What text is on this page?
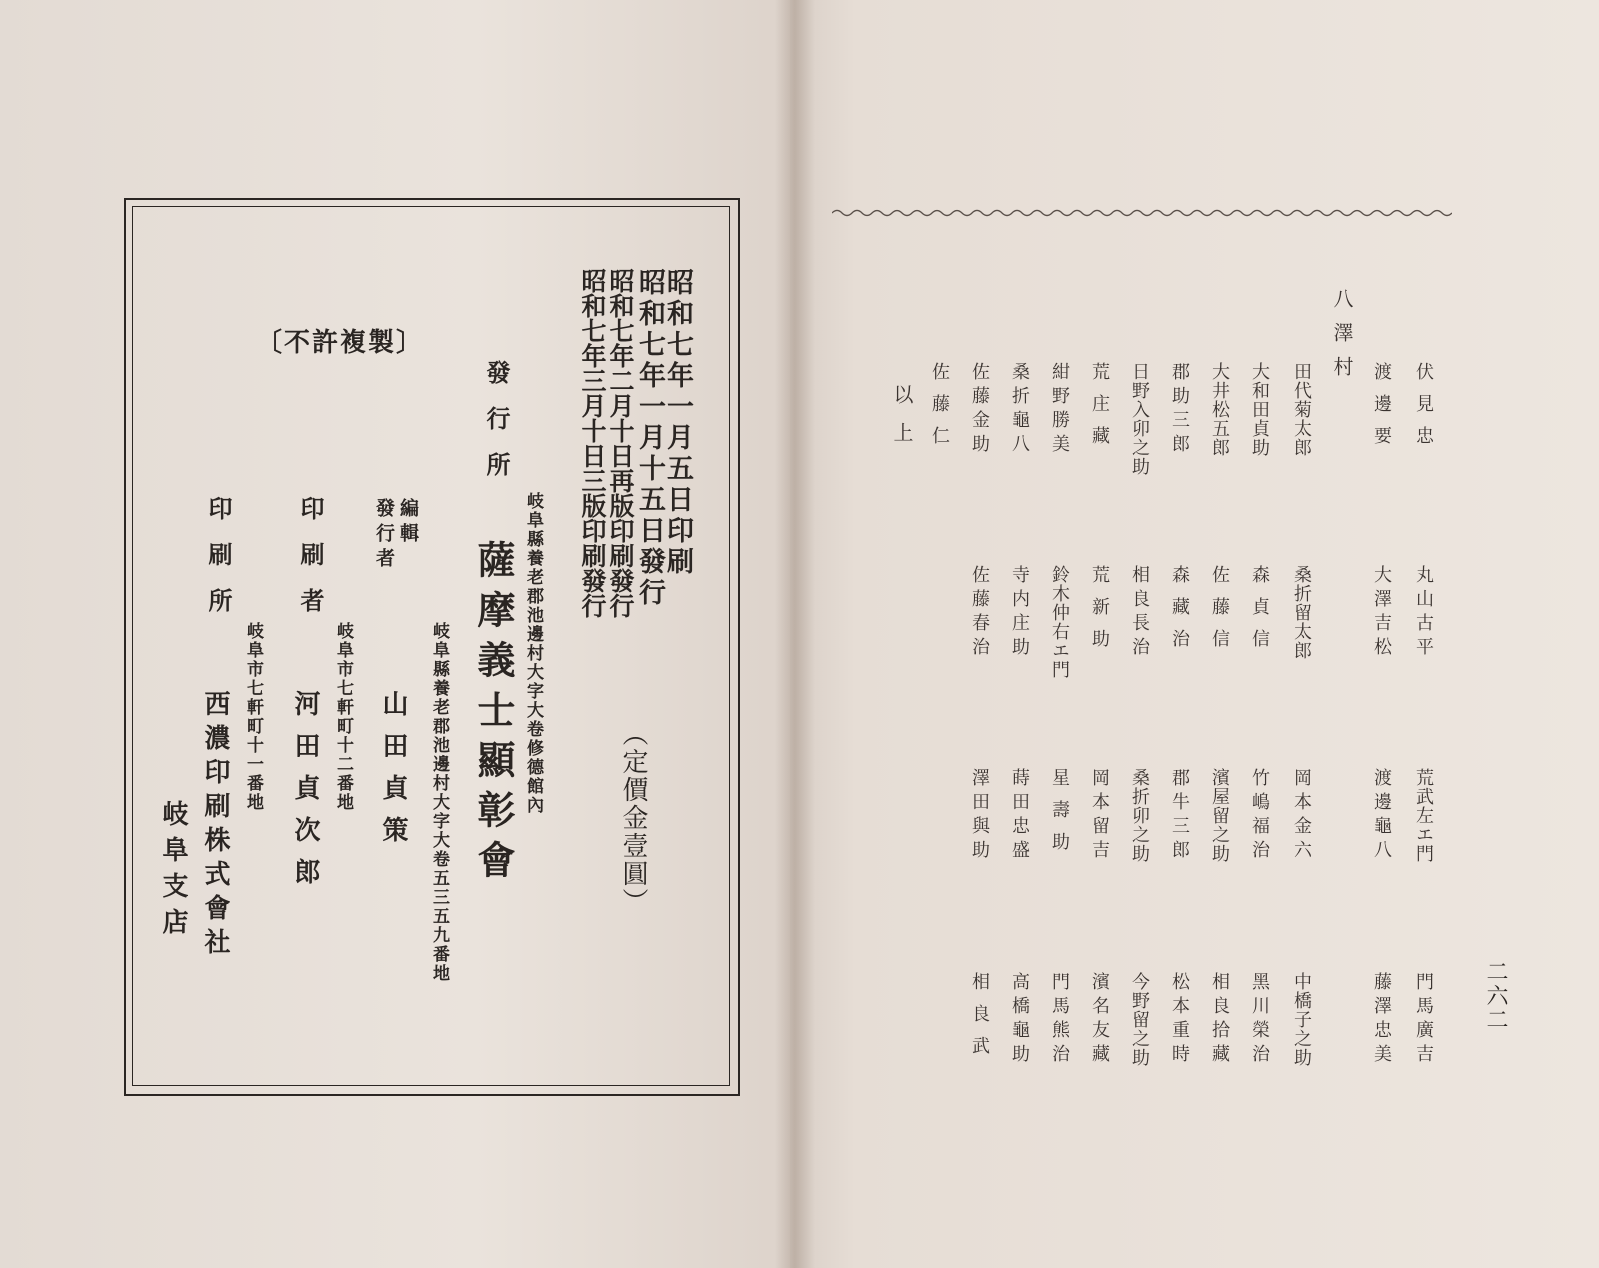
昭和七年一月五日印刷
昭和七年一月十五日發行
昭和七年二月十日再版印刷發行
昭和七年三月十日三版印刷發行
（定價金壹圓）
發行所
岐阜縣養老郡池邊村大字大卷修德館內
薩摩義士顯彰會
岐阜縣養老郡池邊村大字大卷五三五九番地
編輯
發行者
山田貞策
印刷者
岐阜市七軒町十二番地
河田貞次郎
印刷所
岐阜市七軒町十一番地
西濃印刷株式會社
岐阜支店
〔不許複製〕
二六二
八澤村
以上	伏見忠
丸山古平
荒武左エ門
門馬廣吉
渡邊要
大澤吉松
渡邊龜八
藤澤忠美
田代菊太郎
桑折留太郎
岡本金六
中橋子之助
大和田貞助
森貞信
竹嶋福治
黑川榮治
大井松五郎
佐藤信
濱屋留之助
相良拾藏
郡助三郎
森藏治
郡牛三郎
松本重時
日野入卯之助
相良長治
桑折卯之助
今野留之助
荒庄藏
荒新助
岡本留吉
濱名友藏
紺野勝美
鈴木仲右エ門
星壽助
門馬熊治
桑折龜八
寺内庄助
蒔田忠盛
高橋龜助
佐藤金助
佐藤春治
澤田與助
相良武
佐藤仁
